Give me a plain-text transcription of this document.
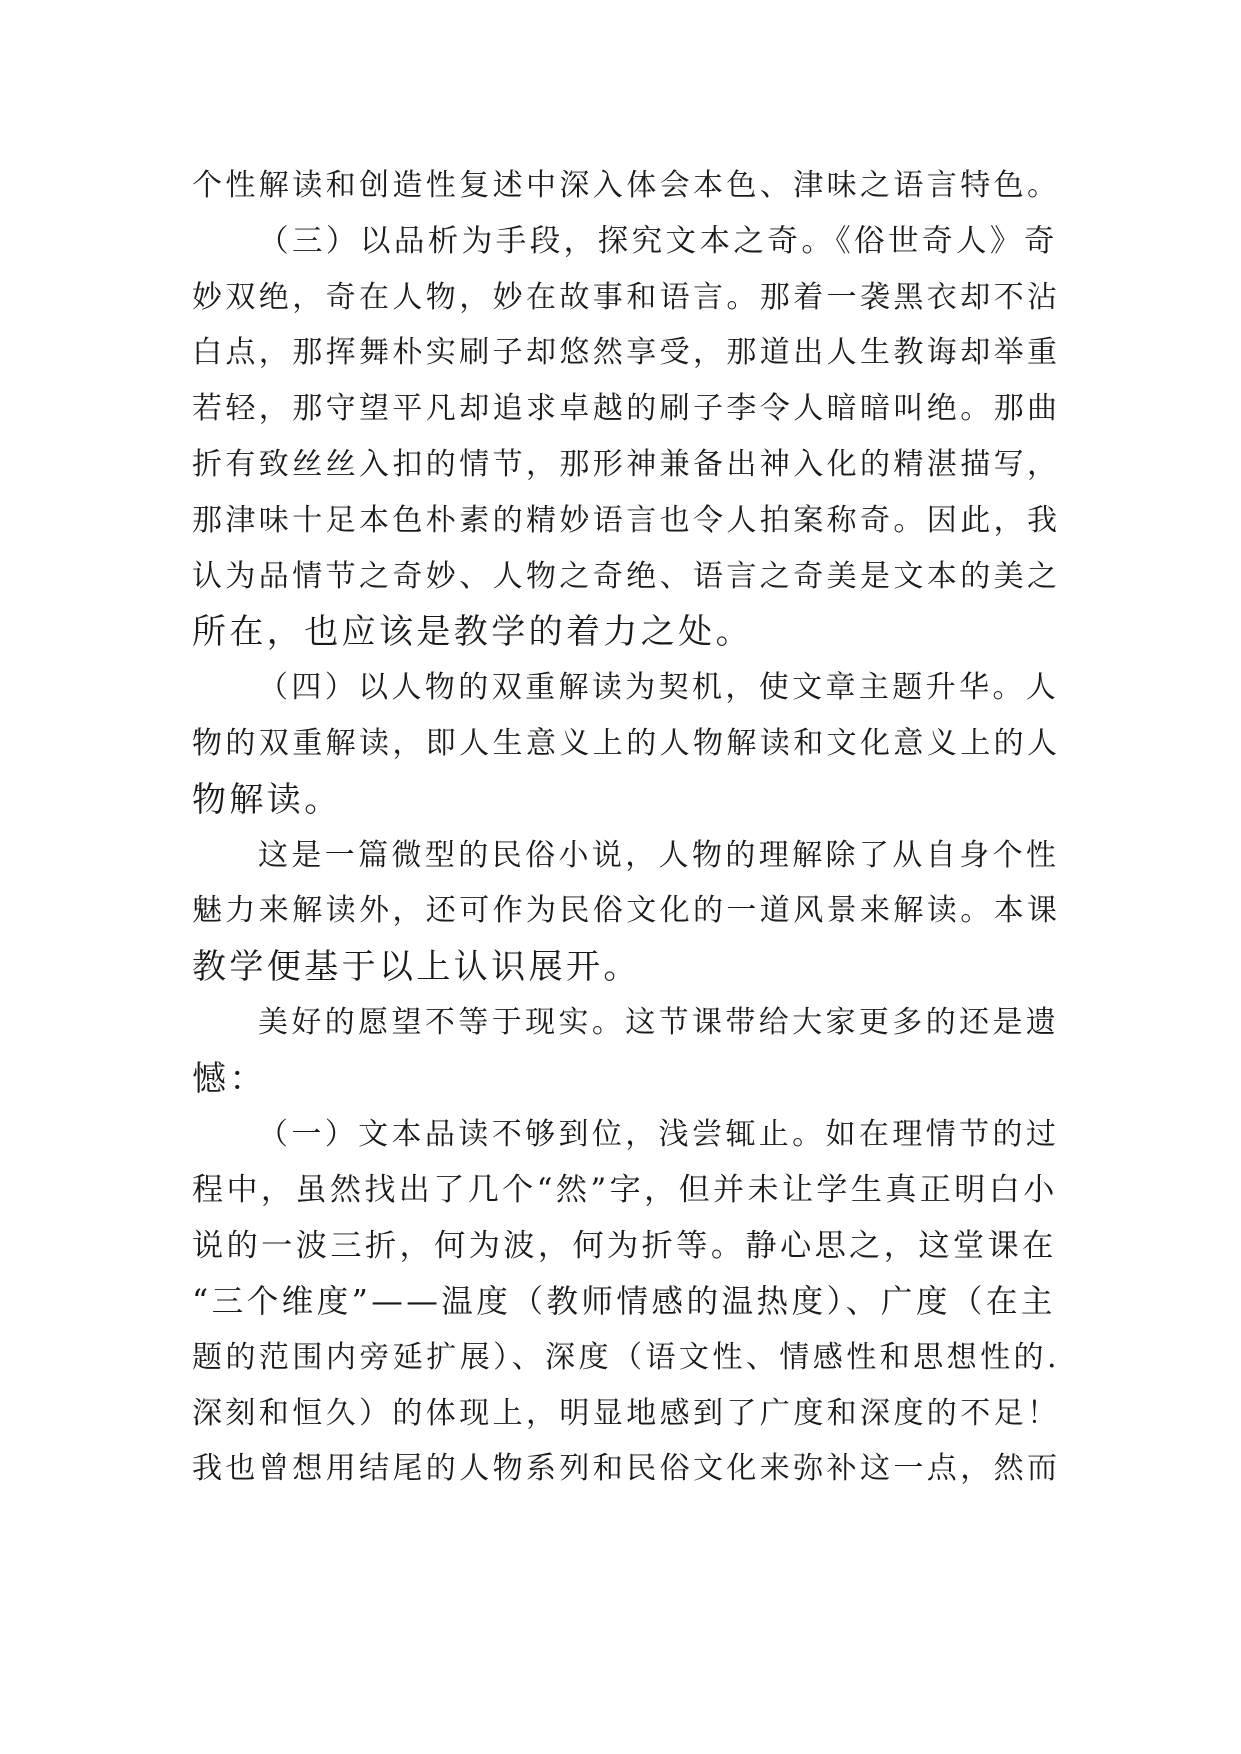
个性解读和创造性复述中深入体会本色、津味之语言特色。
（三）以品析为手段，探究文本之奇。《俗世奇人》奇
妙双绝，奇在人物，妙在故事和语言。那着一袭黑衣却不沾
白点，那挥舞朴实刷子却悠然享受，那道出人生教诲却举重
若轻，那守望平凡却追求卓越的刷子李令人暗暗叫绝。那曲
折有致丝丝入扣的情节，那形神兼备出神入化的精湛描写，
那津味十足本色朴素的精妙语言也令人拍案称奇。因此，我
认为品情节之奇妙、人物之奇绝、语言之奇美是文本的美之
所在，也应该是教学的着力之处。
（四）以人物的双重解读为契机，使文章主题升华。人
物的双重解读，即人生意义上的人物解读和文化意义上的人
物解读。
这是一篇微型的民俗小说，人物的理解除了从自身个性
魅力来解读外，还可作为民俗文化的一道风景来解读。本课
教学便基于以上认识展开。
美好的愿望不等于现实。这节课带给大家更多的还是遗
憾：
（一）文本品读不够到位，浅尝辄止。如在理情节的过
程中，虽然找出了几个“然”字，但并未让学生真正明白小
说的一波三折，何为波，何为折等。静心思之，这堂课在
“三个维度”——温度（教师情感的温热度）、广度（在主
题的范围内旁延扩展）、深度（语文性、情感性和思想性的.
深刻和恒久）的体现上，明显地感到了广度和深度的不足！
我也曾想用结尾的人物系列和民俗文化来弥补这一点，然而
